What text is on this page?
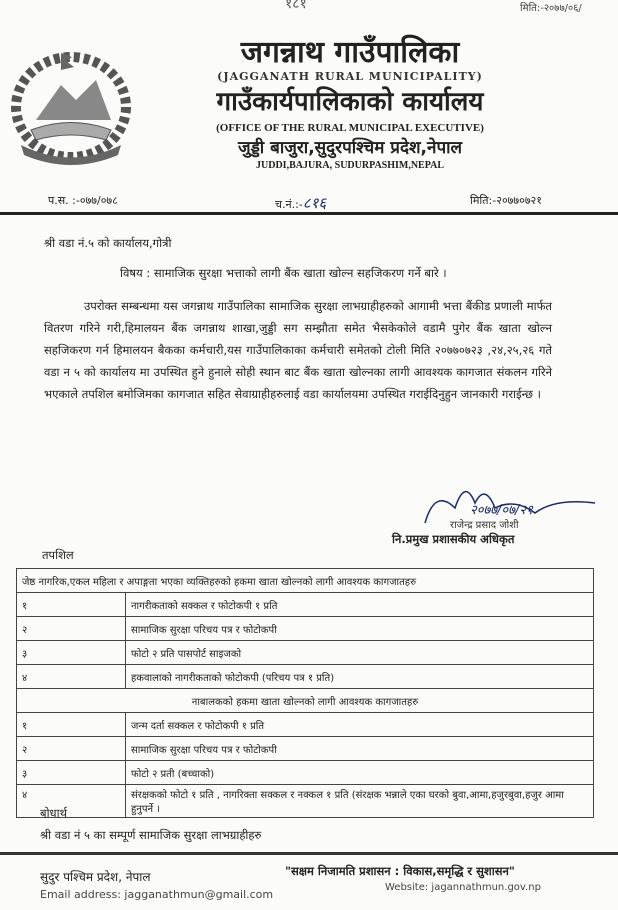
१८१	मिति:-२०७७/०६/
जगन्नाथ गाउँपालिका
(JAGGANATH RURAL MUNICIPALITY)
गाउँकार्यपालिकाको कार्यालय
(OFFICE OF THE RURAL MUNICIPAL EXECUTIVE)
जुड्डी बाजुरा,सुदुरपश्चिम प्रदेश,नेपाल
JUDDI,BAJURA, SUDURPASHIM,NEPAL
प.स. :-०७७/०७८	च.नं.:-८१६	मिति:-२०७७०७२१
श्री वडा नं.५ को कार्यालय,गोत्री
विषय : सामाजिक सुरक्षा भत्ताको लागी बैंक खाता खोल्न सहजिकरण गर्ने बारे ।
उपरोक्त सम्बन्धमा यस जगन्नाथ गाउँपालिका सामाजिक सुरक्षा लाभग्राहीहरुको आगामी भत्ता बैंकीड प्रणाली मार्फत वितरण गरिने गरी,हिमालयन बैंक जगन्नाथ शाखा,जुड्डी सग सम्झौता समेत भैसकेकोले वडामै पुगेर बैंक खाता खोल्न सहजिकरण गर्न हिमालयन बैकका कर्मचारी,यस गाउँपालिकाका कर्मचारी समेतको टोली मिति २०७७०७२३ ,२४,२५,२६ गते वडा न ५ को कार्यालय मा उपस्थित हुने हुनाले सोही स्थान बाट बैंक खाता खोल्नका लागी आवश्यक कागजात संकलन गरिने भएकाले तपशिल बमोजिमका कागजात सहित सेवाग्राहीहरुलाई वडा कार्यालयमा उपस्थित गराईदिनुहुन जानकारी गराईन्छ ।
२०७७/०७/२१
राजेन्द्र प्रसाद जोशी
नि.प्रमुख प्रशासकीय अधिकृत
तपशिल
जेष्ठ नागरिक,एकल महिला र अपाङ्गता भएका व्यक्तिहरुको हकमा खाता खोल्नको लागी आवश्यक कागजातहरु	
१	नागरीकताको सक्कल र फोटोकपी १ प्रति
२	सामाजिक सुरक्षा परिचय पत्र र फोटोकपी
३	फोटो २ प्रति पासपोर्ट साइजको
४	हकवालाको नागरीकताको फोटोकपी (परिचय पत्र १ प्रति)
नाबालकको हकमा खाता खोल्नको लागी आवश्यक कागजातहरु	
१	जन्म दर्ता सक्कल र फोटोकपी १ प्रति
२	सामाजिक सुरक्षा परिचय पत्र र फोटोकपी
३	फोटो २ प्रती (बच्चाको)
४	संरक्षकको फोटो १ प्रति , नागरिक्ता सक्कल र नक्कल १ प्रति (संरक्षक भन्नाले एका घरको बुवा,आमा,हजुरबुवा,हजुर आमा हुनुपर्ने ।
बोधार्थ
श्री वडा नं ५ का सम्पूर्ण सामाजिक सुरक्षा लाभग्राहीहरु
सुदुर पश्चिम प्रदेश, नेपाल
Email address: jagganathmun@gmail.com
"सक्षम निजामति प्रशासन : विकास,समृद्धि र सुशासन"
Website: jagannathmun.gov.np
